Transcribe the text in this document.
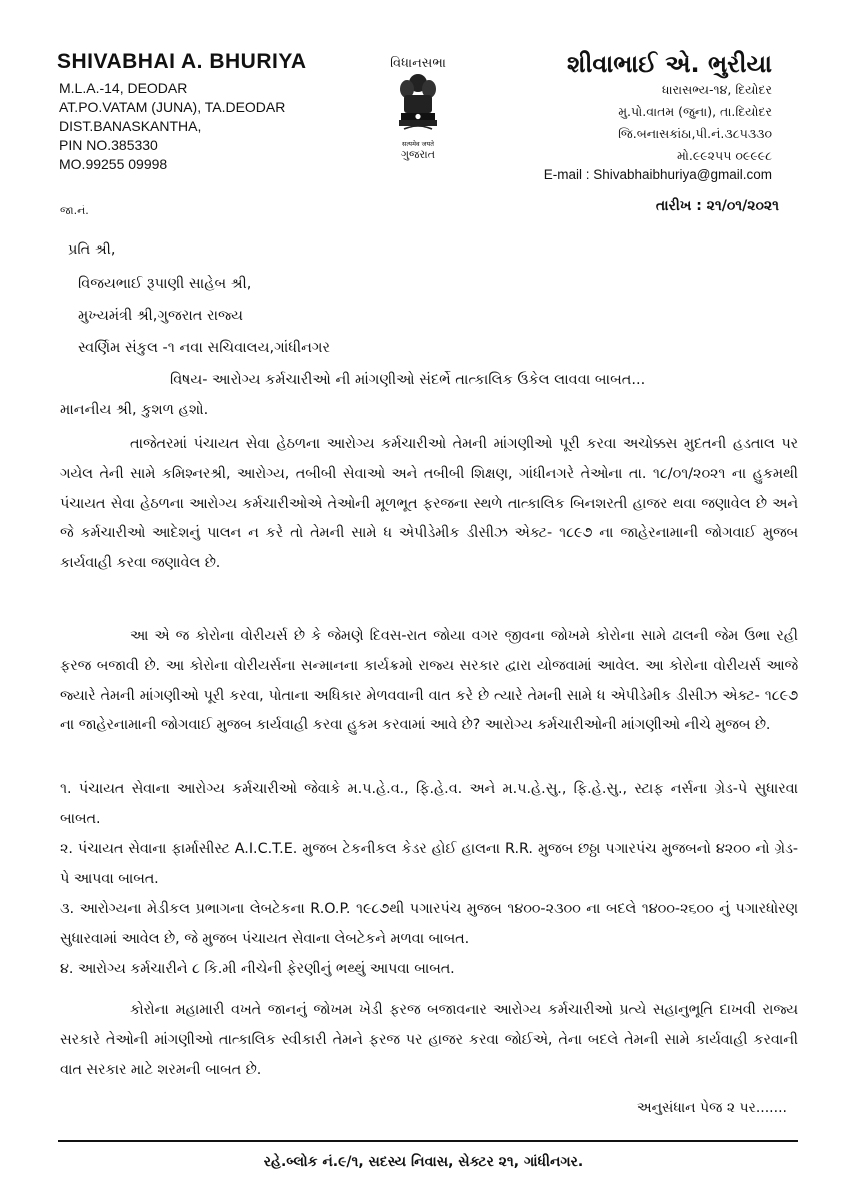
SHIVABHAI A. BHURIYA
M.L.A.-14, DEODAR
AT.PO.VATAM (JUNA), TA.DEODAR
DIST.BANASKANTHA,
PIN NO.385330
MO.99255 09998
વિધાનસભા
सत्यमेव जयते
ગુજરાત
શીવાભાઈ એ. ભુરીયા
ધારાસભ્ય-૧૪, દિયોદર
મુ.પો.વાતમ (જુના), તા.દિયોદર
જિ.બનાસકાંઠા,પી.નં.૩૮૫૩૩૦
મો.૯૯૨૫૫ ૦૯૯૯૮
E-mail : Shivabhaibhuriya@gmail.com
જા.નં.	તારીખ : ૨૧/૦૧/૨૦૨૧
પ્રતિ શ્રી,
વિજયભાઈ રૂપાણી સાહેબ શ્રી,
મુખ્યમંત્રી શ્રી,ગુજરાત રાજ્ય
સ્વર્ણિમ સંકુલ -૧ નવા સચિવાલય,ગાંધીનગર
વિષય- આરોગ્ય કર્મચારીઓ ની માંગણીઓ સંદર્ભે તાત્કાલિક ઉકેલ લાવવા બાબત...
માનનીય શ્રી, કુશળ હશો.
તાજેતરમાં પંચાયત સેવા હેઠળના આરોગ્ય કર્મચારીઓ તેમની માંગણીઓ પૂરી કરવા અચોક્કસ મુદતની હડતાલ પર ગયેલ તેની સામે કમિશ્નરશ્રી, આરોગ્ય, તબીબી સેવાઓ અને તબીબી શિક્ષણ, ગાંધીનગરે તેઓના તા. ૧૮/૦૧/૨૦૨૧ ના હુકમથી પંચાયત સેવા હેઠળના આરોગ્ય કર્મચારીઓએ તેઓની મૂળભૂત ફરજના સ્થળે તાત્કાલિક બિનશરતી હાજર થવા જણાવેલ છે અને જે કર્મચારીઓ આદેશનું પાલન ન કરે તો તેમની સામે ધ એપીડેમીક ડીસીઝ એક્ટ- ૧૮૯૭ ના જાહેરનામાની જોગવાઈ મુજબ કાર્યવાહી કરવા જણાવેલ છે.
આ એ જ કોરોના વોરીયર્સ છે કે જેમણે દિવસ-રાત જોયા વગર જીવના જોખમે કોરોના સામે ઢાલની જેમ ઉભા રહી ફરજ બજાવી છે. આ કોરોના વોરીયર્સના સન્માનના કાર્યક્રમો રાજ્ય સરકાર દ્વારા યોજવામાં આવેલ. આ કોરોના વોરીયર્સ આજે જ્યારે તેમની માંગણીઓ પૂરી કરવા, પોતાના અધિકાર મેળવવાની વાત કરે છે ત્યારે તેમની સામે ધ એપીડેમીક ડીસીઝ એક્ટ- ૧૮૯૭ ના જાહેરનામાની જોગવાઈ મુજબ કાર્યવાહી કરવા હુકમ કરવામાં આવે છે? આરોગ્ય કર્મચારીઓની માંગણીઓ નીચે મુજબ છે.
૧. પંચાયત સેવાના આરોગ્ય કર્મચારીઓ જેવાકે મ.પ.હે.વ., ફિ.હે.વ. અને મ.પ.હે.સુ., ફિ.હે.સુ., સ્ટાફ નર્સના ગ્રેડ-પે સુધારવા બાબત.
૨. પંચાયત સેવાના ફાર્માસીસ્ટ A.I.C.T.E. મુજબ ટેકનીકલ કેડર હોઈ હાલના R.R. મુજબ છઠ્ઠા પગારપંચ મુજબનો ૪૨૦૦ નો ગ્રેડ-પે આપવા બાબત.
૩. આરોગ્યના મેડીકલ પ્રભાગના લેબટેકના R.O.P. ૧૯૮૭થી પગારપંચ મુજબ ૧૪૦૦-૨૩૦૦ ના બદલે ૧૪૦૦-૨૬૦૦ નું પગારધોરણ સુધારવામાં આવેલ છે, જે મુજબ પંચાયત સેવાના લેબટેકને મળવા બાબત.
૪. આરોગ્ય કર્મચારીને ૮ કિ.મી નીચેની ફેરણીનું ભથ્થું આપવા બાબત.
કોરોના મહામારી વખતે જાનનું જોખમ ખેડી ફરજ બજાવનાર આરોગ્ય કર્મચારીઓ પ્રત્યે સહાનુભૂતિ દાખવી રાજ્ય સરકારે તેઓની માંગણીઓ તાત્કાલિક સ્વીકારી તેમને ફરજ પર હાજર કરવા જોઈએ, તેના બદલે તેમની સામે કાર્યવાહી કરવાની વાત સરકાર માટે શરમની બાબત છે.
અનુસંધાન પેજ ૨ પર.......
રહે.બ્લોક નં.૯/૧, સદસ્ય નિવાસ, સેક્ટર ૨૧, ગાંધીનગર.
